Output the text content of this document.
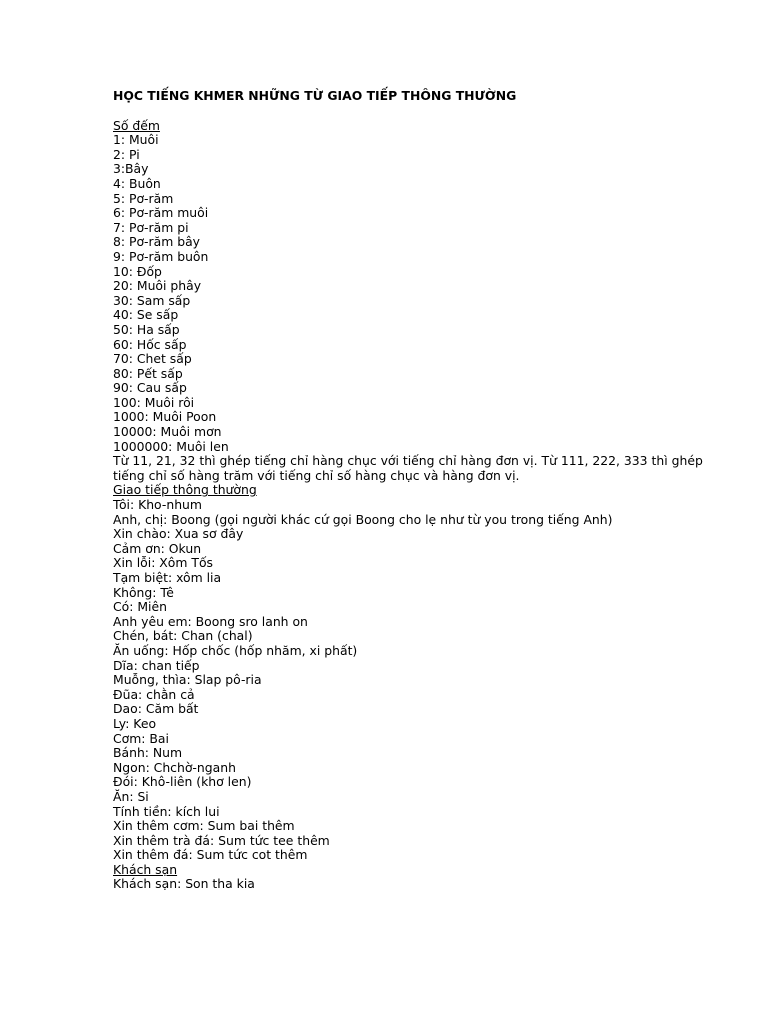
HỌC TIẾNG KHMER NHỮNG TỪ GIAO TIẾP THÔNG THƯỜNG
Số đếm
1: Muôi
2: Pi
3:Bây
4: Buôn
5: Pơ-răm
6: Pơ-răm muôi
7: Pơ-răm pi
8: Pơ-răm bây
9: Pơ-răm buôn
10: Đốp
20: Muôi phây
30: Sam sấp
40: Se sấp
50: Ha sấp
60: Hốc sấp
70: Chet sấp
80: Pết sấp
90: Cau sấp
100: Muôi rôi
1000: Muôi Poon
10000: Muôi mơn
1000000: Muôi len
Từ 11, 21, 32 thì ghép tiếng chỉ hàng chục với tiếng chỉ hàng đơn vị. Từ 111, 222, 333 thì ghép tiếng chỉ số hàng trăm với tiếng chỉ số hàng chục và hàng đơn vị.
Giao tiếp thông thường
Tôi: Kho-nhum
Anh, chị: Boong (gọi người khác cứ gọi Boong cho lẹ như từ you trong tiếng Anh)
Xin chào: Xua sơ đây
Cảm ơn: Okun
Xin lỗi: Xôm Tốs
Tạm biệt: xôm lia
Không: Tê
Có: Miên
Anh yêu em: Boong sro lanh on
Chén, bát: Chan (chal)
Ăn uống: Hốp chốc (hốp nhăm, xi phất)
Dĩa: chan tiếp
Muỗng, thìa: Slap pô-ria
Đũa: chằn cả
Dao: Căm bất
Ly: Keo
Cơm: Bai
Bánh: Num
Ngon: Chchờ-nganh
Đói: Khô-liên (khơ len)
Ăn: Si
Tính tiền: kích lui
Xin thêm cơm: Sum bai thêm
Xin thêm trà đá: Sum tức tee thêm
Xin thêm đá: Sum tức cot thêm
Khách sạn
Khách sạn: Son tha kia
